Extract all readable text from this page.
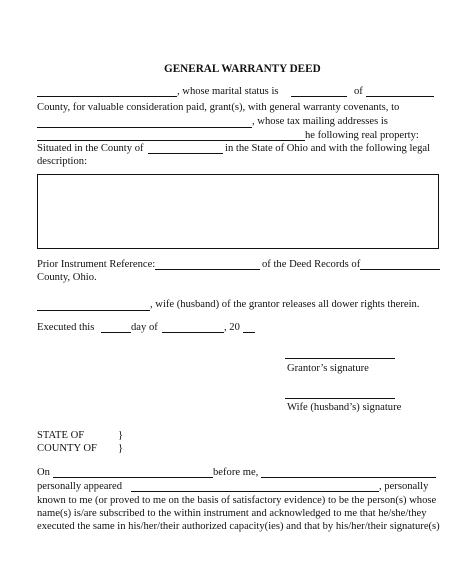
GENERAL WARRANTY DEED
, whose marital status is	of
County, for valuable consideration paid, grant(s), with general warranty covenants, to
, whose tax mailing addresses is
he following real property:
Situated in the County of	in the State of Ohio and with the following legal
description:
Prior Instrument Reference:	of the Deed Records of
County, Ohio.
, wife (husband) of the grantor releases all dower rights therein.
Executed this	day of	, 20
Grantor’s signature
Wife (husband’s) signature
STATE OF	}
COUNTY OF }
On	before me,
personally appeared	, personally
known to me (or proved to me on the basis of satisfactory evidence) to be the person(s) whose
name(s) is/are subscribed to the within instrument and acknowledged to me that he/she/they
executed the same in his/her/their authorized capacity(ies) and that by his/her/their signature(s)
